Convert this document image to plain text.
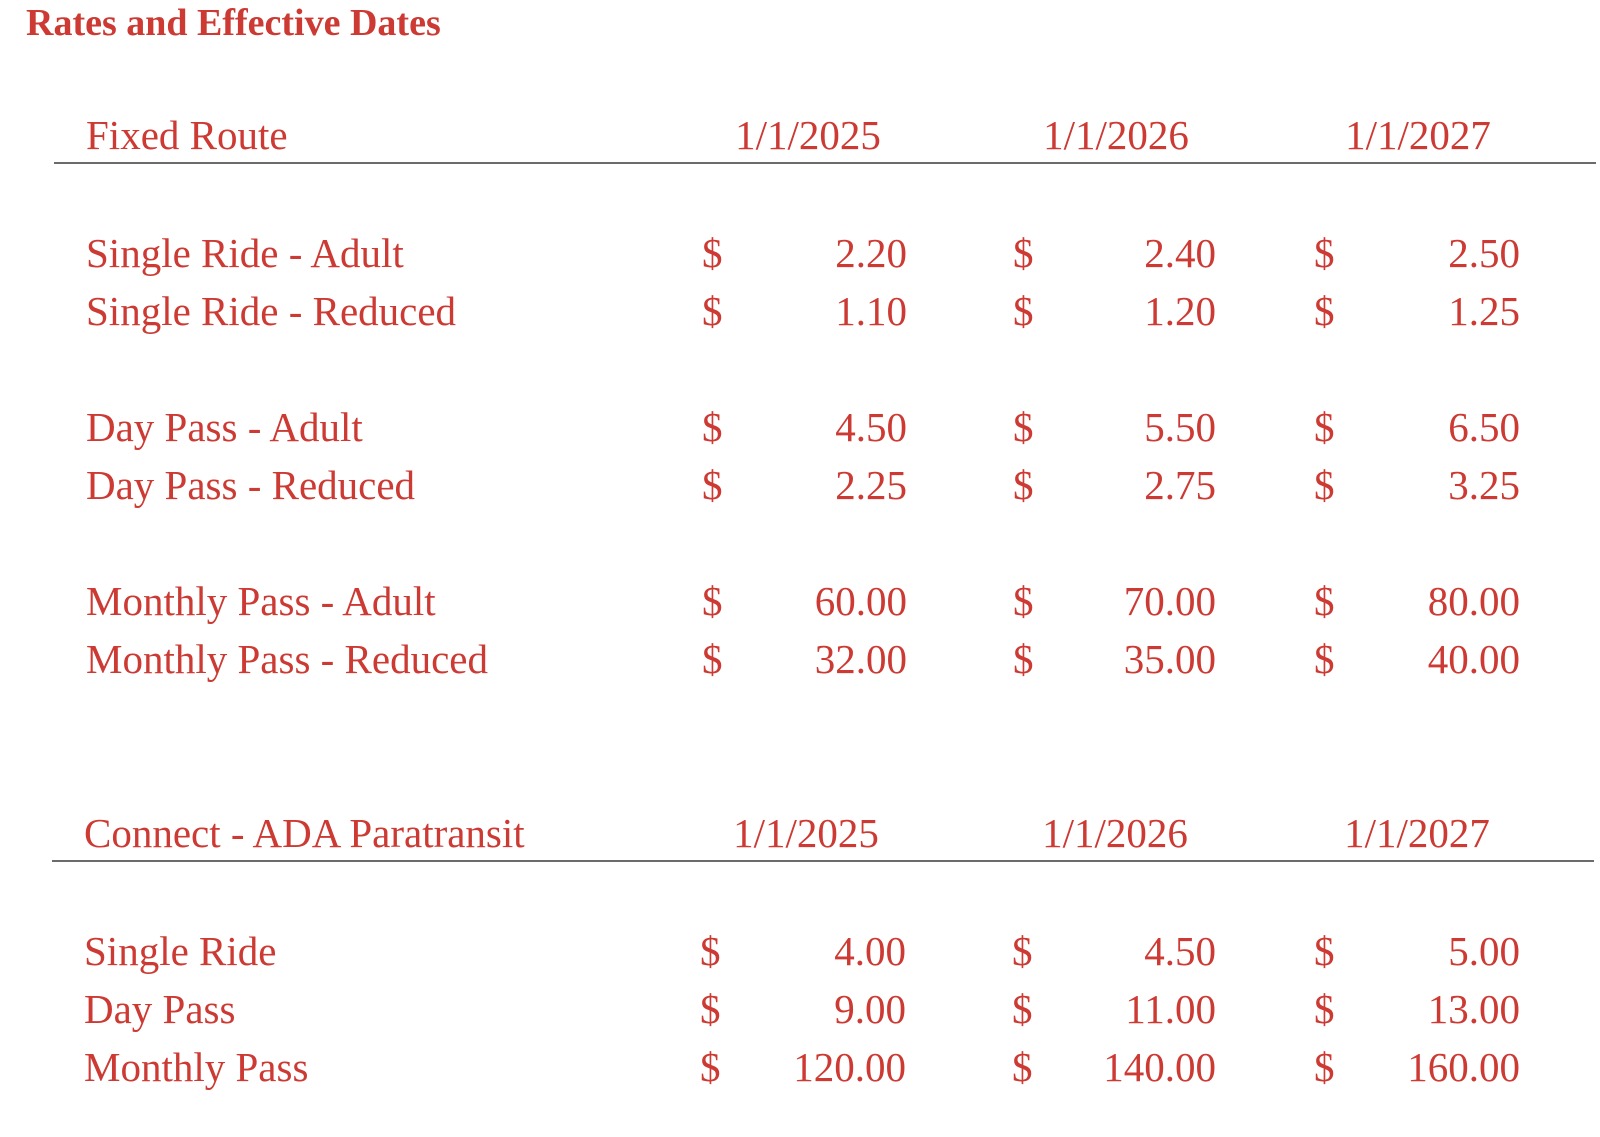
Rates and Effective Dates
Fixed Route	1/1/2025	1/1/2026	1/1/2027
Single Ride - Adult	$	2.20	$	2.40 $	2.50
Single Ride - Reduced	$	1.10	$	1.20 $	1.25
Day Pass - Adult	$	4.50	$	5.50 $	6.50
Day Pass - Reduced	$	2.25	$	2.75 $	3.25
Monthly Pass - Adult	$	60.00	$	70.00 $	80.00
Monthly Pass - Reduced	$	32.00	$	35.00 $	40.00
Connect - ADA Paratransit	1/1/2025	1/1/2026	1/1/2027
Single Ride	$	4.00	$	4.50 $	5.00
Day Pass	$	9.00	$	11.00 $	13.00
Monthly Pass	$	120.00	$	140.00 $	160.00
